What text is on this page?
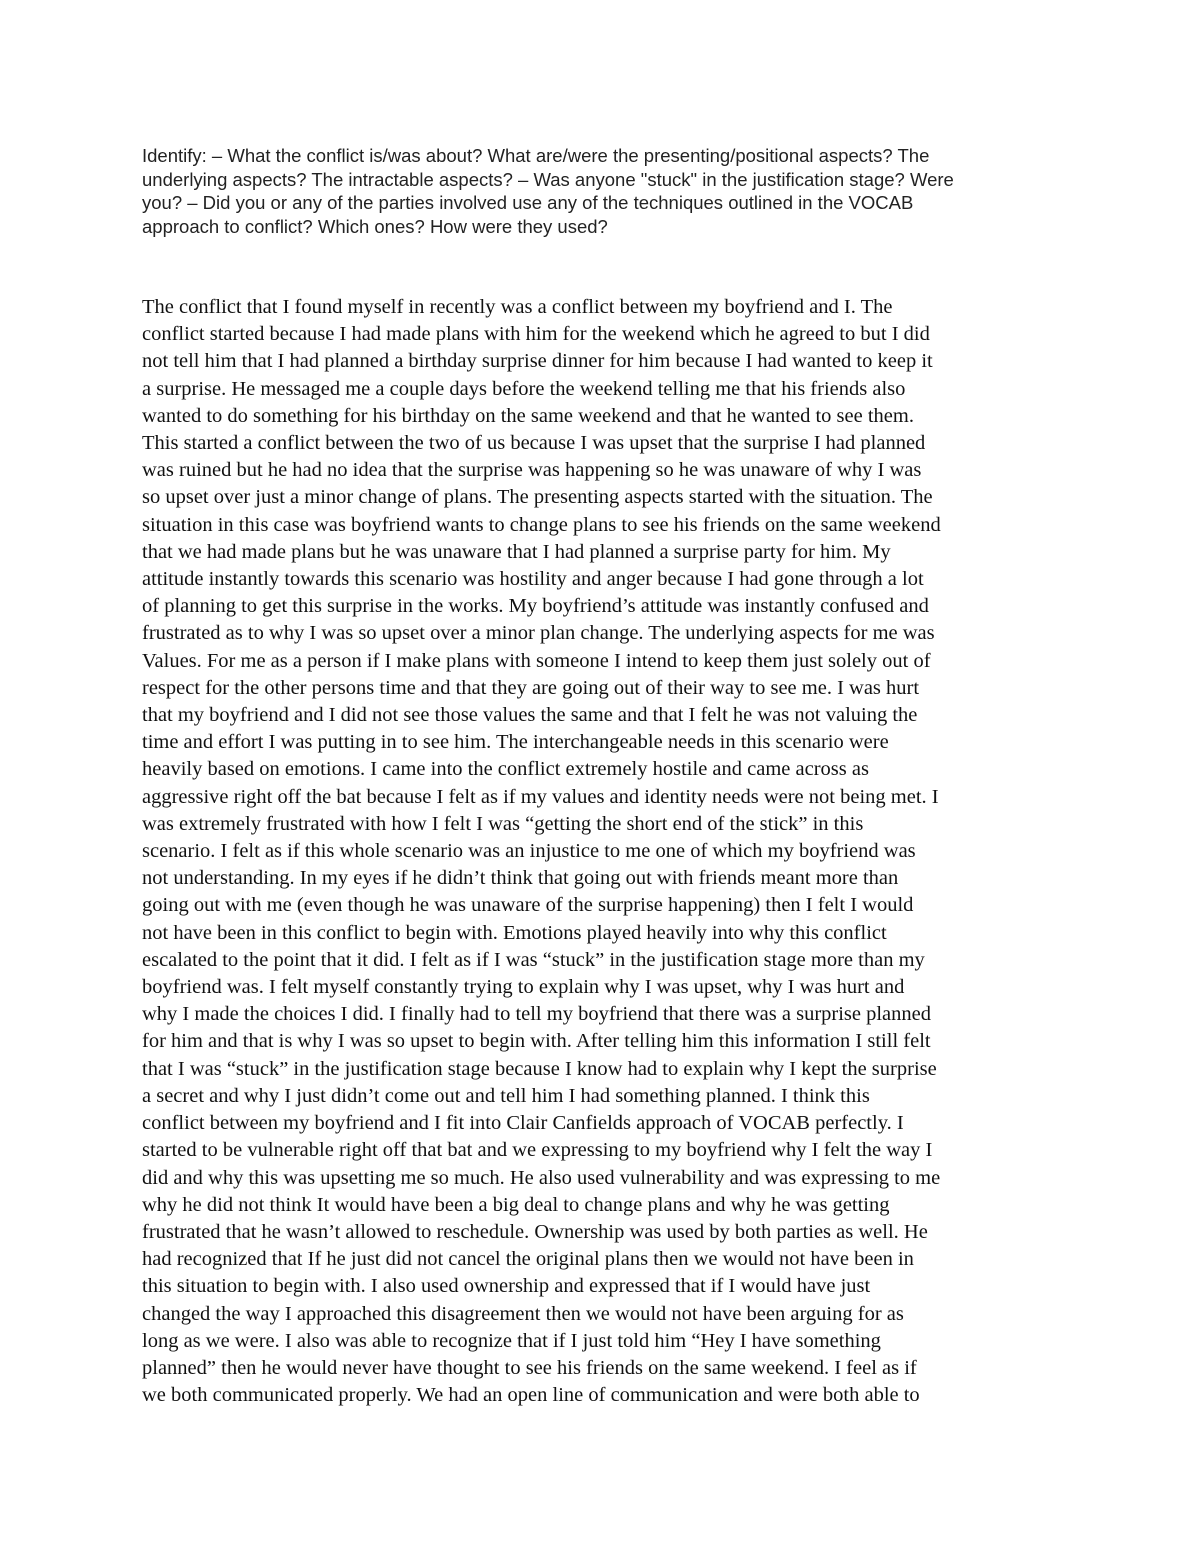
Identify: – What the conflict is/was about? What are/were the presenting/positional aspects? The
underlying aspects? The intractable aspects? – Was anyone "stuck" in the justification stage? Were
you? – Did you or any of the parties involved use any of the techniques outlined in the VOCAB
approach to conflict? Which ones? How were they used?
The conflict that I found myself in recently was a conflict between my boyfriend and I. The
conflict started because I had made plans with him for the weekend which he agreed to but I did
not tell him that I had planned a birthday surprise dinner for him because I had wanted to keep it
a surprise. He messaged me a couple days before the weekend telling me that his friends also
wanted to do something for his birthday on the same weekend and that he wanted to see them.
This started a conflict between the two of us because I was upset that the surprise I had planned
was ruined but he had no idea that the surprise was happening so he was unaware of why I was
so upset over just a minor change of plans. The presenting aspects started with the situation. The
situation in this case was boyfriend wants to change plans to see his friends on the same weekend
that we had made plans but he was unaware that I had planned a surprise party for him. My
attitude instantly towards this scenario was hostility and anger because I had gone through a lot
of planning to get this surprise in the works. My boyfriend’s attitude was instantly confused and
frustrated as to why I was so upset over a minor plan change. The underlying aspects for me was
Values. For me as a person if I make plans with someone I intend to keep them just solely out of
respect for the other persons time and that they are going out of their way to see me. I was hurt
that my boyfriend and I did not see those values the same and that I felt he was not valuing the
time and effort I was putting in to see him. The interchangeable needs in this scenario were
heavily based on emotions. I came into the conflict extremely hostile and came across as
aggressive right off the bat because I felt as if my values and identity needs were not being met. I
was extremely frustrated with how I felt I was “getting the short end of the stick” in this
scenario. I felt as if this whole scenario was an injustice to me one of which my boyfriend was
not understanding. In my eyes if he didn’t think that going out with friends meant more than
going out with me (even though he was unaware of the surprise happening) then I felt I would
not have been in this conflict to begin with. Emotions played heavily into why this conflict
escalated to the point that it did. I felt as if I was “stuck” in the justification stage more than my
boyfriend was. I felt myself constantly trying to explain why I was upset, why I was hurt and
why I made the choices I did. I finally had to tell my boyfriend that there was a surprise planned
for him and that is why I was so upset to begin with. After telling him this information I still felt
that I was “stuck” in the justification stage because I know had to explain why I kept the surprise
a secret and why I just didn’t come out and tell him I had something planned. I think this
conflict between my boyfriend and I fit into Clair Canfields approach of VOCAB perfectly. I
started to be vulnerable right off that bat and we expressing to my boyfriend why I felt the way I
did and why this was upsetting me so much. He also used vulnerability and was expressing to me
why he did not think It would have been a big deal to change plans and why he was getting
frustrated that he wasn’t allowed to reschedule. Ownership was used by both parties as well. He
had recognized that If he just did not cancel the original plans then we would not have been in
this situation to begin with. I also used ownership and expressed that if I would have just
changed the way I approached this disagreement then we would not have been arguing for as
long as we were. I also was able to recognize that if I just told him “Hey I have something
planned” then he would never have thought to see his friends on the same weekend. I feel as if
we both communicated properly. We had an open line of communication and were both able to
